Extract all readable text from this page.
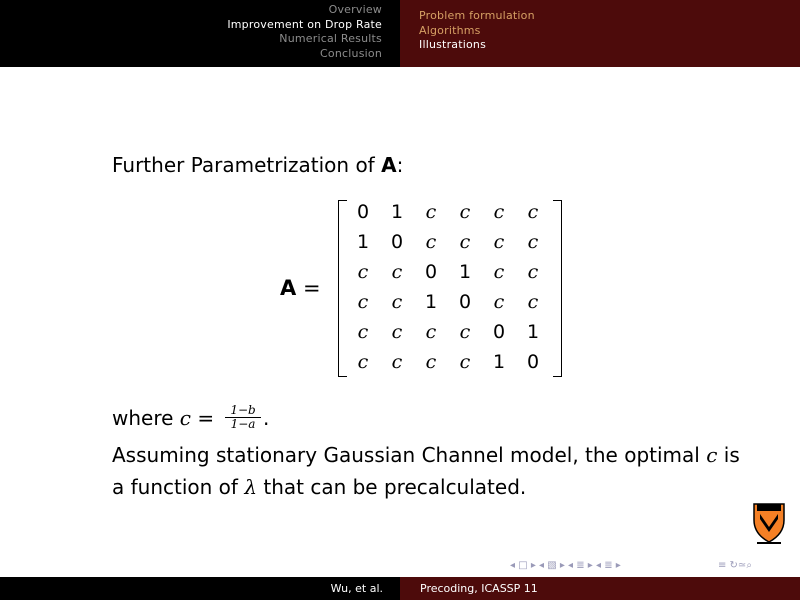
Overview
Improvement on Drop Rate
Numerical Results
Conclusion
Problem formulation
Algorithms
Illustrations
Further Parametrization of A:
A =
0	1	c	c	c	c
1	0	c	c	c	c
c	c	0	1	c	c
c	c	1	0	c	c
c	c	c	c	0	1
c	c	c	c	1	0
where $c = \frac{1-b}{1-a}$ .
Assuming stationary Gaussian Channel model, the optimal c is
a function of λ that can be precalculated.
◂ □ ▸ ◂ ▧ ▸ ◂ ≣ ▸ ◂ ≣ ▸	≡ ↻≃⌕
Wu, et al.	Precoding, ICASSP 11
